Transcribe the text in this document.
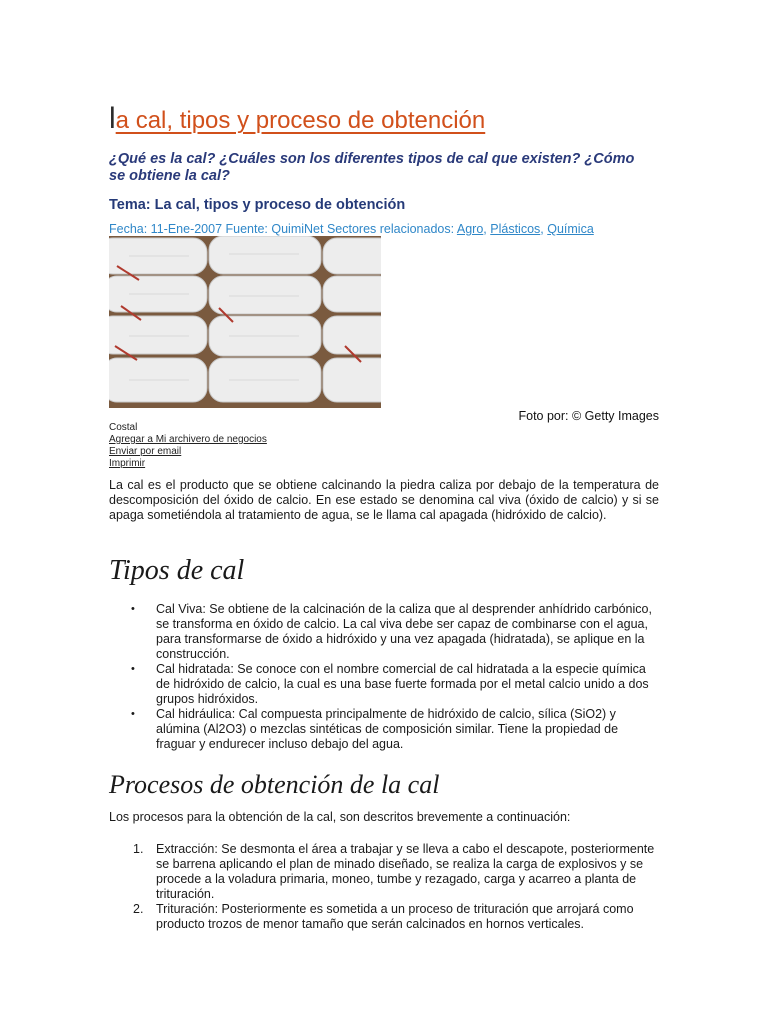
la cal, tipos y proceso de obtención
¿Qué es la cal? ¿Cuáles son los diferentes tipos de cal que existen? ¿Cómo se obtiene la cal?
Tema: La cal, tipos y proceso de obtención
Fecha: 11-Ene-2007 Fuente: QuimiNet Sectores relacionados: Agro, Plásticos, Química
Foto por: © Getty Images
Costal
Agregar a Mi archivero de negocios
Enviar por email
Imprimir
La cal es el producto que se obtiene calcinando la piedra caliza por debajo de la temperatura de descomposición del óxido de calcio. En ese estado se denomina cal viva (óxido de calcio) y si se apaga sometiéndola al tratamiento de agua, se le llama cal apagada (hidróxido de calcio).
Tipos de cal
• Cal Viva: Se obtiene de la calcinación de la caliza que al desprender anhídrido carbónico, se transforma en óxido de calcio. La cal viva debe ser capaz de combinarse con el agua, para transformarse de óxido a hidróxido y una vez apagada (hidratada), se aplique en la construcción.
• Cal hidratada: Se conoce con el nombre comercial de cal hidratada a la especie química de hidróxido de calcio, la cual es una base fuerte formada por el metal calcio unido a dos grupos hidróxidos.
• Cal hidráulica: Cal compuesta principalmente de hidróxido de calcio, sílica (SiO2) y alúmina (Al2O3) o mezclas sintéticas de composición similar. Tiene la propiedad de fraguar y endurecer incluso debajo del agua.
Procesos de obtención de la cal
Los procesos para la obtención de la cal, son descritos brevemente a continuación:
1. Extracción: Se desmonta el área a trabajar y se lleva a cabo el descapote, posteriormente se barrena aplicando el plan de minado diseñado, se realiza la carga de explosivos y se procede a la voladura primaria, moneo, tumbe y rezagado, carga y acarreo a planta de trituración.
2. Trituración: Posteriormente es sometida a un proceso de trituración que arrojará como producto trozos de menor tamaño que serán calcinados en hornos verticales.
